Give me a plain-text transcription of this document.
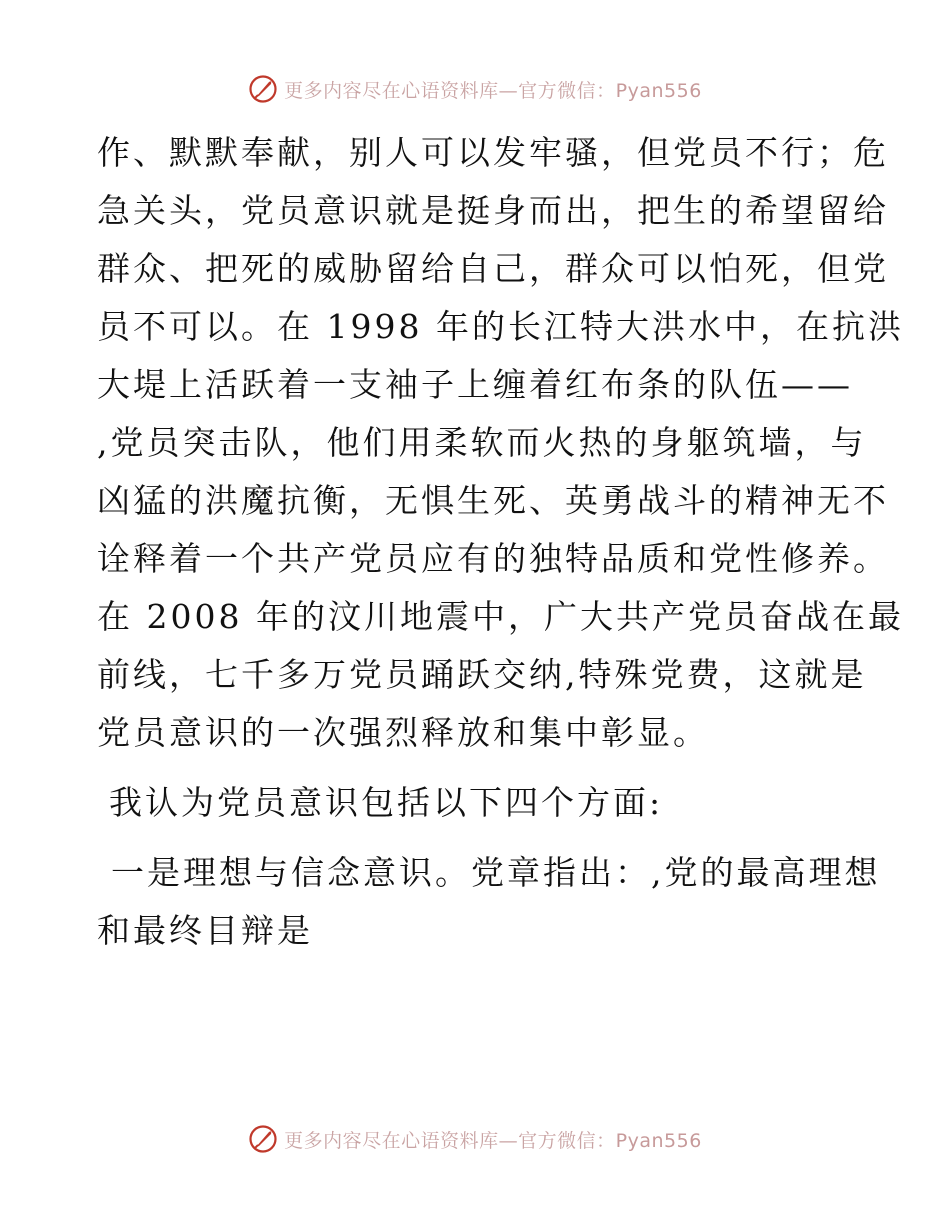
更多内容尽在心语资料库—官方微信：Pyan556
作、默默奉献，别人可以发牢骚，但党员不行；危
急关头，党员意识就是挺身而出，把生的希望留给
群众、把死的威胁留给自己，群众可以怕死，但党
员不可以。在 1998 年的长江特大洪水中，在抗洪
大堤上活跃着一支袖子上缠着红布条的队伍——
,党员突击队，他们用柔软而火热的身躯筑墙，与
凶猛的洪魔抗衡，无惧生死、英勇战斗的精神无不
诠释着一个共产党员应有的独特品质和党性修养。
在 2008 年的汶川地震中，广大共产党员奋战在最
前线，七千多万党员踊跃交纳,特殊党费，这就是
党员意识的一次强烈释放和集中彰显。
我认为党员意识包括以下四个方面:
一是理想与信念意识。党章指出：,党的最高理想
和最终目辩是
更多内容尽在心语资料库—官方微信：Pyan556
